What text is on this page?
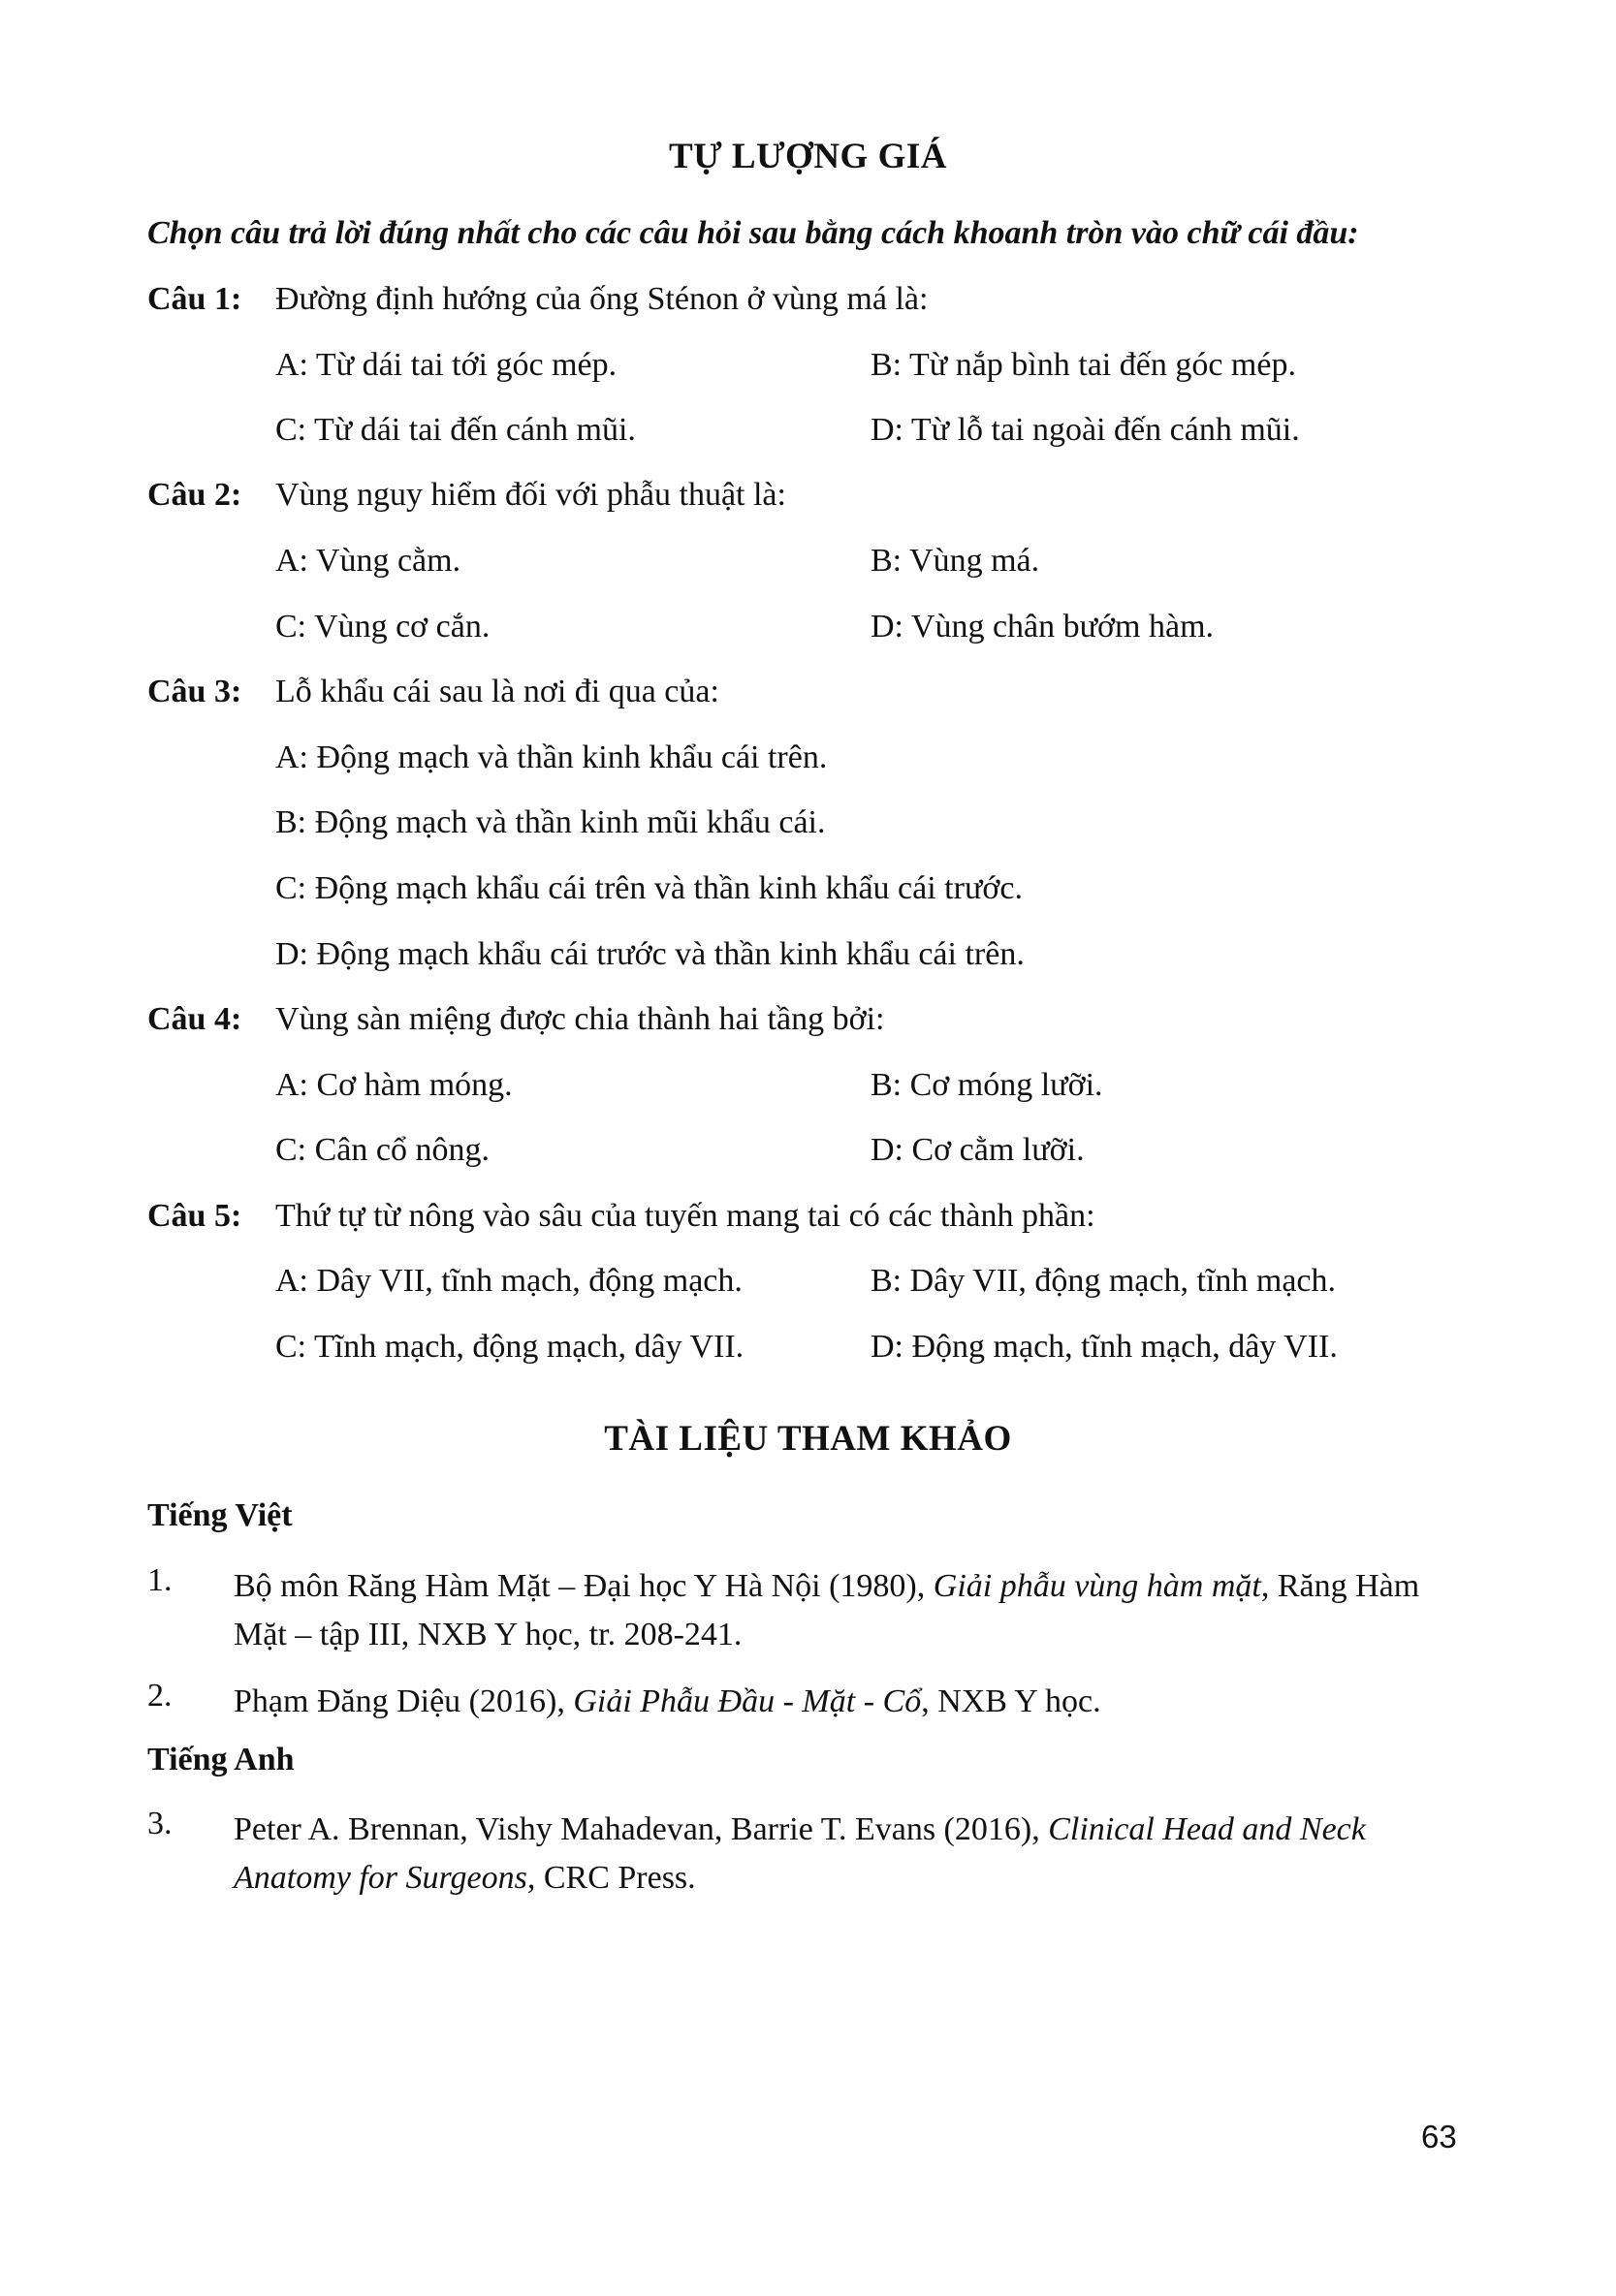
TỰ LƯỢNG GIÁ
Chọn câu trả lời đúng nhất cho các câu hỏi sau bằng cách khoanh tròn vào chữ cái đầu:
Câu 1: Đường định hướng của ống Sténon ở vùng má là:
A: Từ dái tai tới góc mép.	B: Từ nắp bình tai đến góc mép.
C: Từ dái tai đến cánh mũi.	D: Từ lỗ tai ngoài đến cánh mũi.
Câu 2: Vùng nguy hiểm đối với phẫu thuật là:
A: Vùng cằm.	B: Vùng má.
C: Vùng cơ cắn.	D: Vùng chân bướm hàm.
Câu 3: Lỗ khẩu cái sau là nơi đi qua của:
A: Động mạch và thần kinh khẩu cái trên.
B: Động mạch và thần kinh mũi khẩu cái.
C: Động mạch khẩu cái trên và thần kinh khẩu cái trước.
D: Động mạch khẩu cái trước và thần kinh khẩu cái trên.
Câu 4: Vùng sàn miệng được chia thành hai tầng bởi:
A: Cơ hàm móng.	B: Cơ móng lưỡi.
C: Cân cổ nông.	D: Cơ cằm lưỡi.
Câu 5: Thứ tự từ nông vào sâu của tuyến mang tai có các thành phần:
A: Dây VII, tĩnh mạch, động mạch.	B: Dây VII, động mạch, tĩnh mạch.
C: Tĩnh mạch, động mạch, dây VII.	D: Động mạch, tĩnh mạch, dây VII.
TÀI LIỆU THAM KHẢO
Tiếng Việt
1. Bộ môn Răng Hàm Mặt – Đại học Y Hà Nội (1980), Giải phẫu vùng hàm mặt, Răng Hàm Mặt – tập III, NXB Y học, tr. 208-241.
2. Phạm Đăng Diệu (2016), Giải Phẫu Đầu - Mặt - Cổ, NXB Y học.
Tiếng Anh
3. Peter A. Brennan, Vishy Mahadevan, Barrie T. Evans (2016), Clinical Head and Neck Anatomy for Surgeons, CRC Press.
63
